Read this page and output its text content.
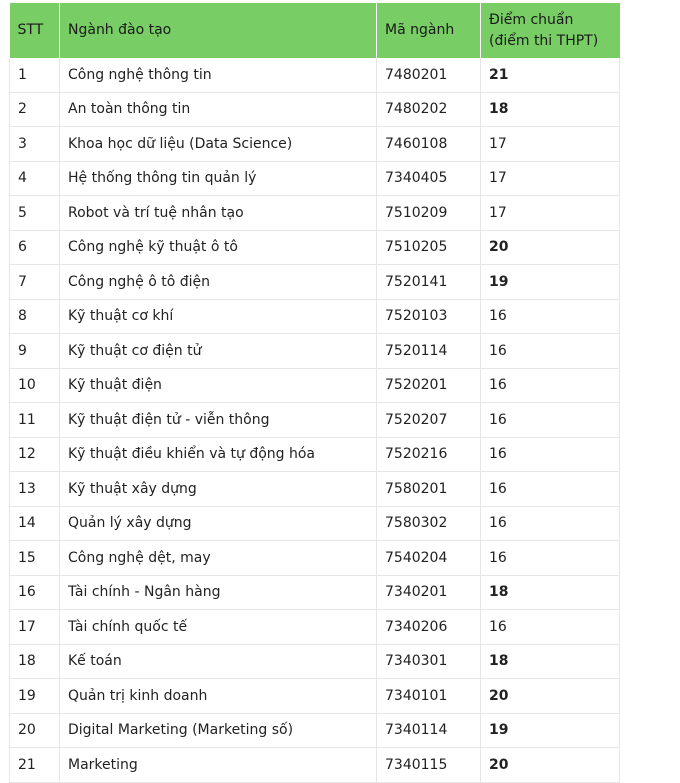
STT	Ngành đào tạo	Mã ngành	Điểm chuẩn
(điểm thi THPT)
1	Công nghệ thông tin	7480201	21
2	An toàn thông tin	7480202	18
3	Khoa học dữ liệu (Data Science)	7460108	17
4	Hệ thống thông tin quản lý	7340405	17
5	Robot và trí tuệ nhân tạo	7510209	17
6	Công nghệ kỹ thuật ô tô	7510205	20
7	Công nghệ ô tô điện	7520141	19
8	Kỹ thuật cơ khí	7520103	16
9	Kỹ thuật cơ điện tử	7520114	16
10	Kỹ thuật điện	7520201	16
11	Kỹ thuật điện tử - viễn thông	7520207	16
12	Kỹ thuật điều khiển và tự động hóa	7520216	16
13	Kỹ thuật xây dựng	7580201	16
14	Quản lý xây dựng	7580302	16
15	Công nghệ dệt, may	7540204	16
16	Tài chính - Ngân hàng	7340201	18
17	Tài chính quốc tế	7340206	16
18	Kế toán	7340301	18
19	Quản trị kinh doanh	7340101	20
20	Digital Marketing (Marketing số)	7340114	19
21	Marketing	7340115	20
